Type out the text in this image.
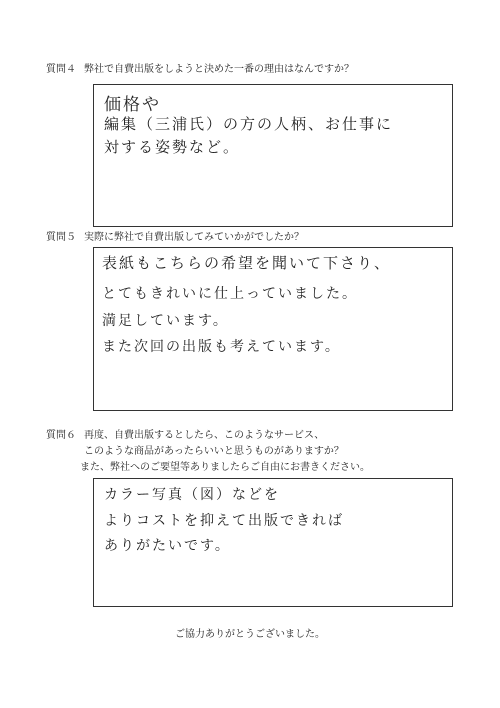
質問４ 弊社で自費出版をしようと決めた一番の理由はなんですか？
価格や
編集（三浦氏）の方の人柄、お仕事に
対する姿勢など。
質問５ 実際に弊社で自費出版してみていかがでしたか？
表紙もこちらの希望を聞いて下さり、
とてもきれいに仕上っていました。
満足しています。
また次回の出版も考えています。
質問６ 再度、自費出版するとしたら、このようなサービス、
このような商品があったらいいと思うものがありますか？
また、弊社へのご要望等ありましたらご自由にお書きください。
カラー写真（図）などを
よりコストを抑えて出版できれば
ありがたいです。
ご協力ありがとうございました。
